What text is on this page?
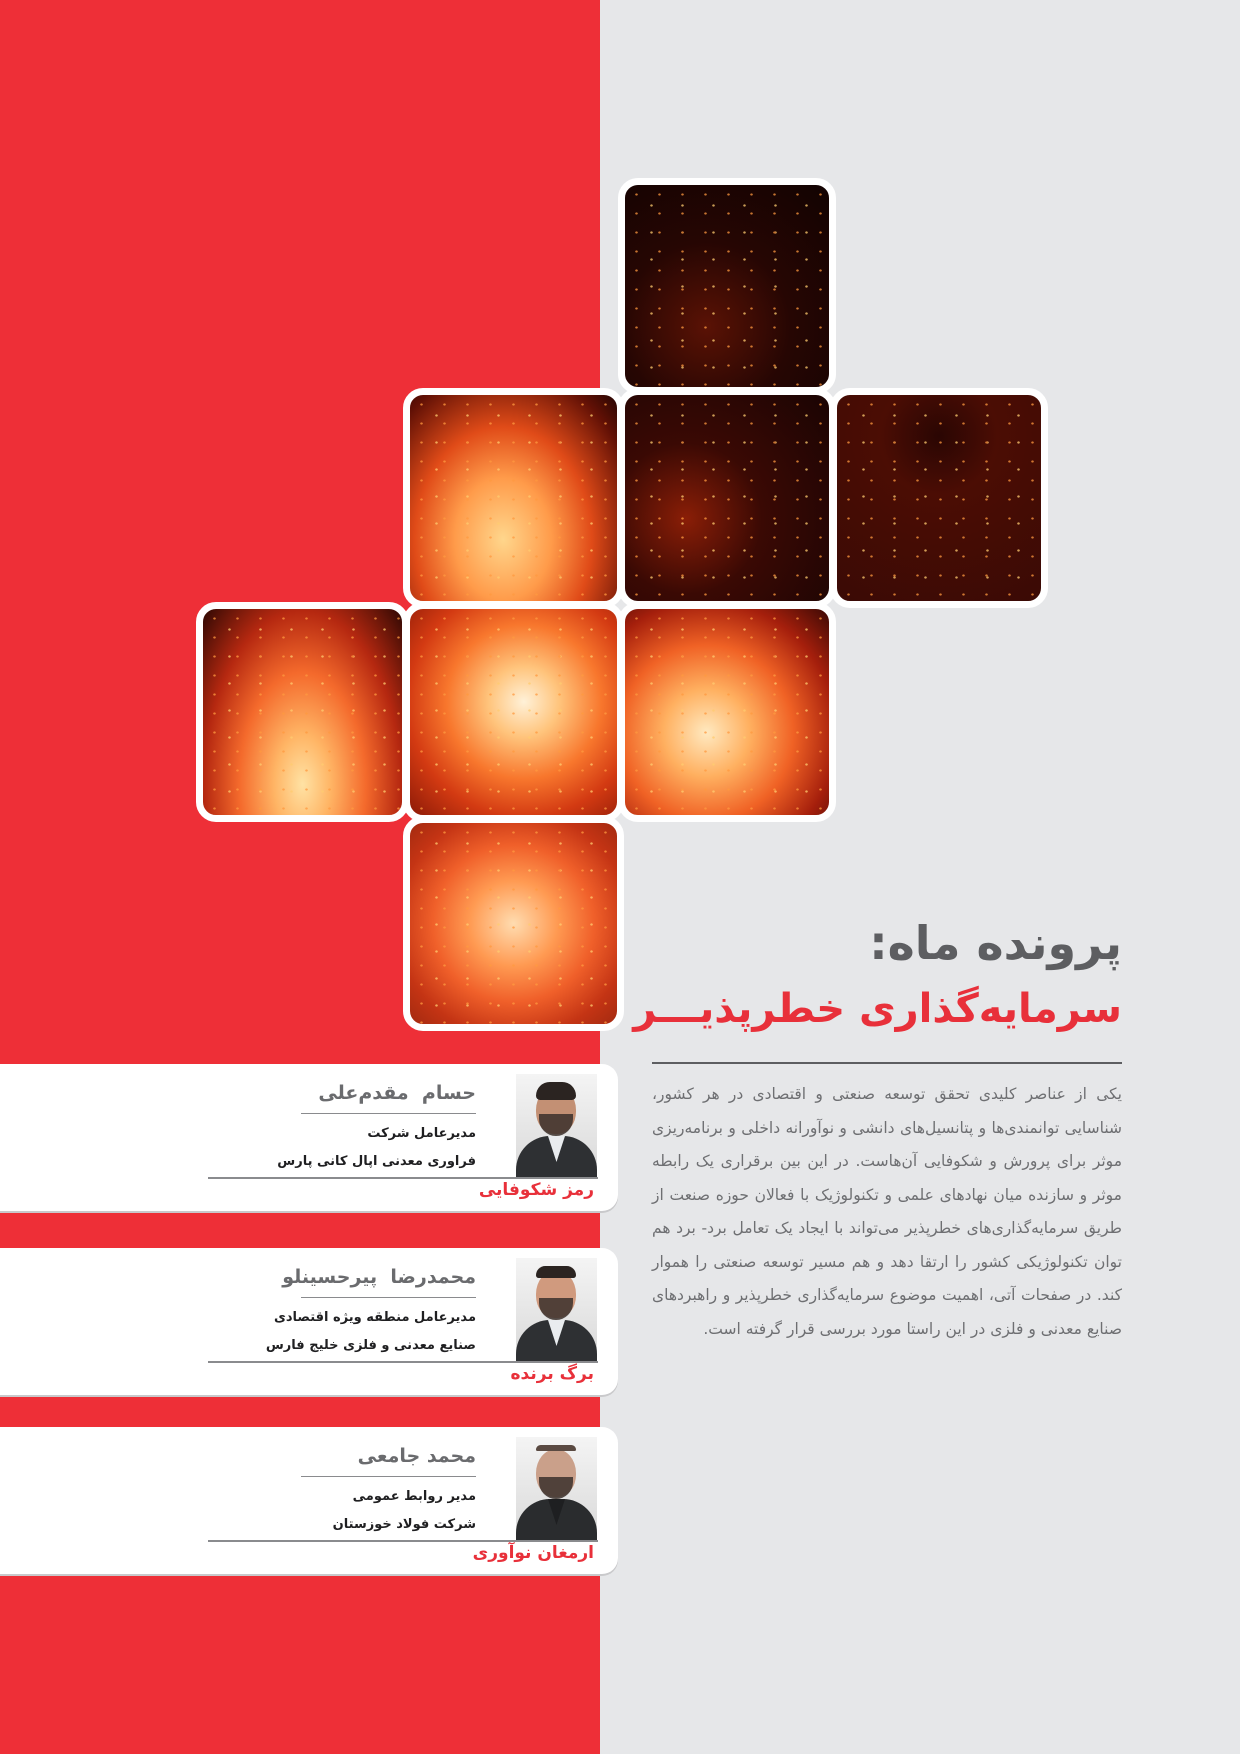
پرونده ماه:
سرمایه‌گذاری خطرپذیـــر
یکی از عناصر کلیدی تحقق توسعه صنعتی و اقتصادی در هر کشور، شناسایی توانمندی‌ها و پتانسیل‌های دانشی و نوآورانه داخلی و برنامه‌ریزی موثر برای پرورش و شکوفایی آن‌هاست. در این بین برقراری یک رابطه موثر و سازنده میان نهادهای علمی و تکنولوژیک با فعالان حوزه صنعت از طریق سرمایه‌گذاری‌های خطرپذیر می‌تواند با ایجاد یک تعامل برد- برد هم توان تکنولوژیکی کشور را ارتقا دهد و هم مسیر توسعه صنعتی را هموار کند. در صفحات آتی، اهمیت موضوع سرمایه‌گذاری خطرپذیر و راهبردهای صنایع معدنی و فلزی در این راستا مورد بررسی قرار گرفته است.
حسام  مقدم‌علی
مدیرعامل شرکت
فراوری معدنی اپال کانی پارس
رمز شکوفایی
محمدرضا  پیرحسینلو
مدیرعامل منطقه ویژه اقتصادی
صنایع معدنی و فلزی خلیج فارس
برگ برنده
محمد جامعی
مدیر روابط عمومی
شرکت فولاد خوزستان
ارمغان نوآوری
